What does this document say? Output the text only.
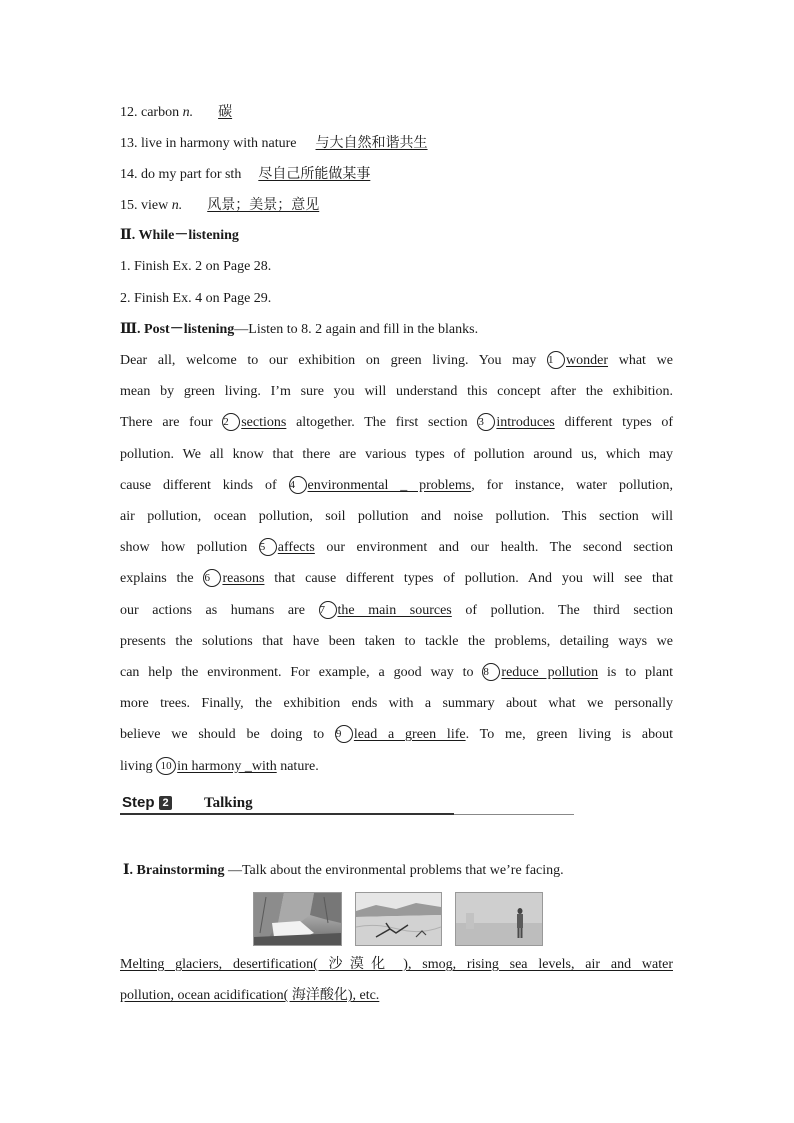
12. carbon n. 碳
13. live in harmony with nature 与大自然和谐共生
14. do my part for sth 尽自己所能做某事
15. view n. 风景；美景；意见
Ⅱ. While－listening
1. Finish Ex. 2 on Page 28.
2. Finish Ex. 4 on Page 29.
Ⅲ. Post－listening—Listen to 8. 2 again and fill in the blanks.
Dear all, welcome to our exhibition on green living. You may 1 wonder what we
mean by green living. I’m sure you will understand this concept after the exhibition.
There are four 2 sections altogether. The first section 3 introduces different types of
pollution. We all know that there are various types of pollution around us, which may
cause different kinds of 4 environmental _ problems, for instance, water pollution,
air pollution, ocean pollution, soil pollution and noise pollution. This section will
show how pollution 5 affects our environment and our health. The second section
explains the 6 reasons that cause different types of pollution. And you will see that
our actions as humans are 7 the main sources of pollution. The third section
presents the solutions that have been taken to tackle the problems, detailing ways we
can help the environment. For example, a good way to 8 reduce pollution is to plant
more trees. Finally, the exhibition ends with a summary about what we personally
believe we should be doing to 9 lead a green life. To me, green living is about
living 10 in harmony _with nature.
Step 2 Talking
Ⅰ. Brainstorming —Talk about the environmental problems that we’re facing.
Melting glaciers, desertification( 沙漠化 ), smog, rising sea levels, air and water
pollution, ocean acidification( 海洋酸化), etc.
